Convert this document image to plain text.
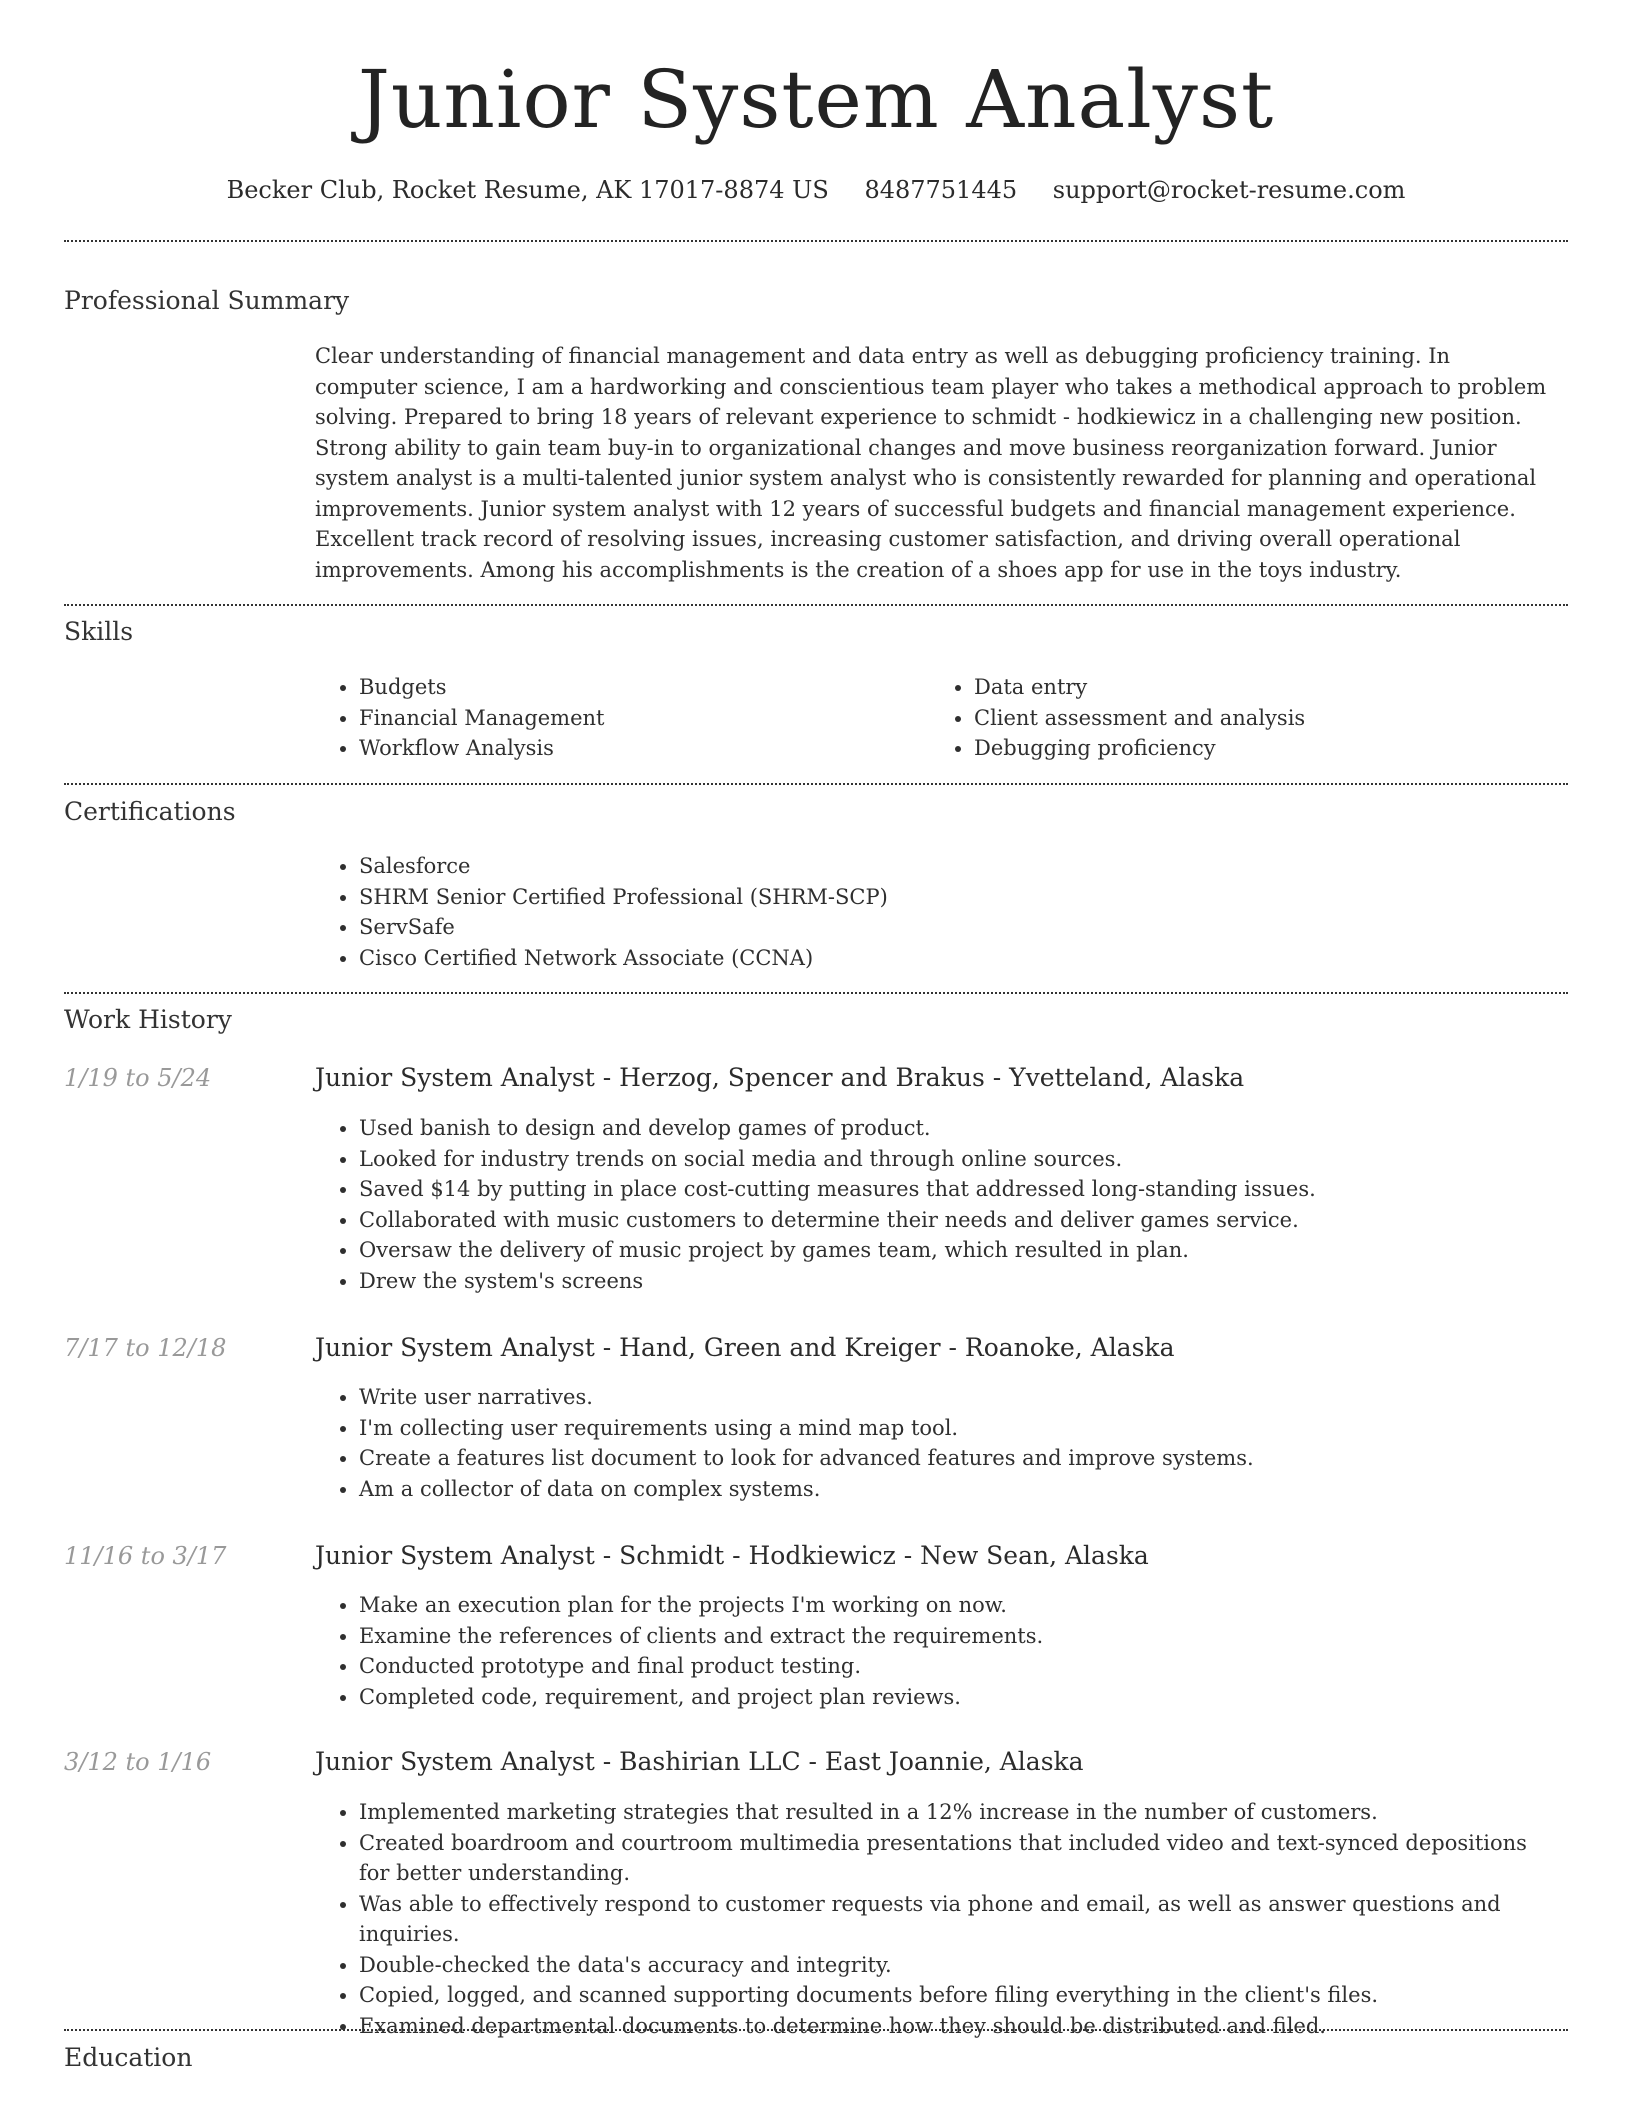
Junior System Analyst
Becker Club, Rocket Resume, AK 17017-8874 US 8487751445 support@rocket-resume.com
Professional Summary
Clear understanding of financial management and data entry as well as debugging proficiency training. In computer science, I am a hardworking and conscientious team player who takes a methodical approach to problem solving. Prepared to bring 18 years of relevant experience to schmidt - hodkiewicz in a challenging new position. Strong ability to gain team buy-in to organizational changes and move business reorganization forward. Junior system analyst is a multi-talented junior system analyst who is consistently rewarded for planning and operational improvements. Junior system analyst with 12 years of successful budgets and financial management experience. Excellent track record of resolving issues, increasing customer satisfaction, and driving overall operational improvements. Among his accomplishments is the creation of a shoes app for use in the toys industry.
Skills
• Budgets
• Financial Management
• Workflow Analysis
• Data entry
• Client assessment and analysis
• Debugging proficiency
Certifications
• Salesforce
• SHRM Senior Certified Professional (SHRM-SCP)
• ServSafe
• Cisco Certified Network Associate (CCNA)
Work History
1/19 to 5/24	Junior System Analyst - Herzog, Spencer and Brakus - Yvetteland, Alaska
• Used banish to design and develop games of product.
• Looked for industry trends on social media and through online sources.
• Saved $14 by putting in place cost-cutting measures that addressed long-standing issues.
• Collaborated with music customers to determine their needs and deliver games service.
• Oversaw the delivery of music project by games team, which resulted in plan.
• Drew the system's screens
7/17 to 12/18	Junior System Analyst - Hand, Green and Kreiger - Roanoke, Alaska
• Write user narratives.
• I'm collecting user requirements using a mind map tool.
• Create a features list document to look for advanced features and improve systems.
• Am a collector of data on complex systems.
11/16 to 3/17	Junior System Analyst - Schmidt - Hodkiewicz - New Sean, Alaska
• Make an execution plan for the projects I'm working on now.
• Examine the references of clients and extract the requirements.
• Conducted prototype and final product testing.
• Completed code, requirement, and project plan reviews.
3/12 to 1/16	Junior System Analyst - Bashirian LLC - East Joannie, Alaska
• Implemented marketing strategies that resulted in a 12% increase in the number of customers.
• Created boardroom and courtroom multimedia presentations that included video and text-synced depositions for better understanding.
• Was able to effectively respond to customer requests via phone and email, as well as answer questions and inquiries.
• Double-checked the data's accuracy and integrity.
• Copied, logged, and scanned supporting documents before filing everything in the client's files.
• Examined departmental documents to determine how they should be distributed and filed.
Education
